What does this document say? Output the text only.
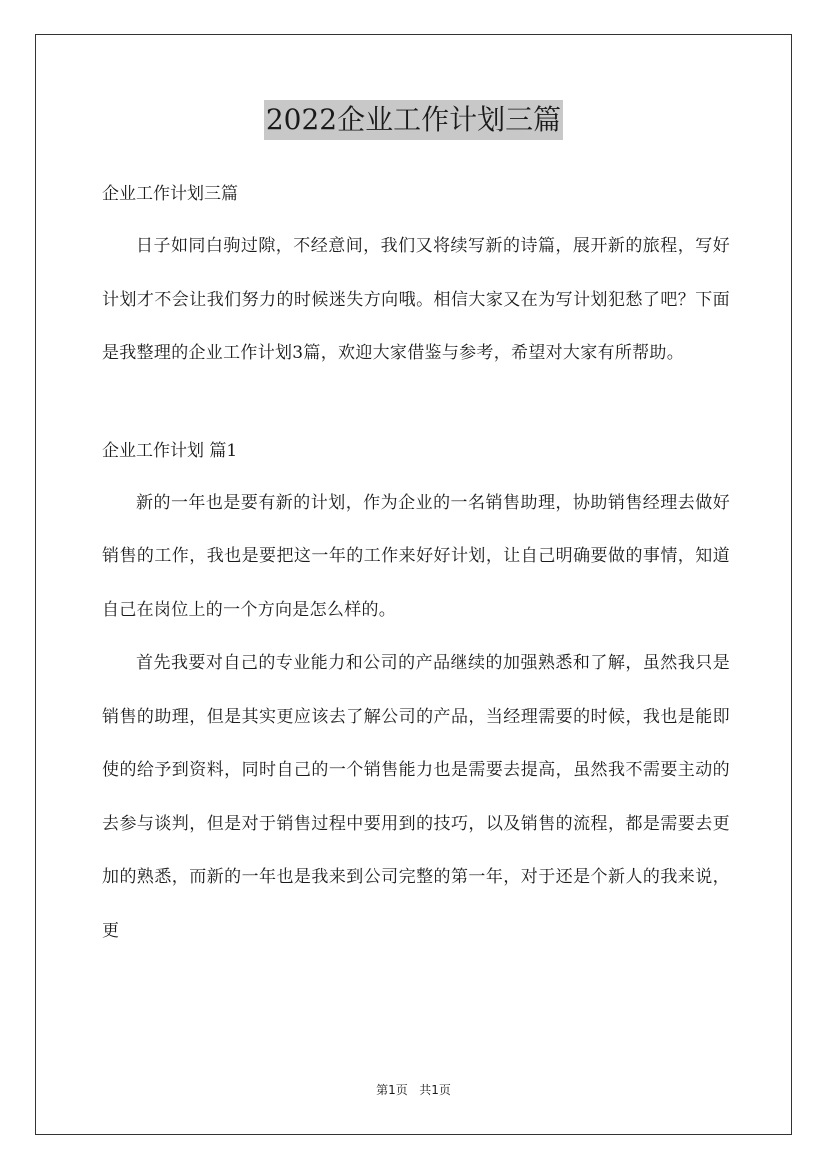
2022企业工作计划三篇

企业工作计划三篇

日子如同白驹过隙，不经意间，我们又将续写新的诗篇，展开新的旅程，写好计划才不会让我们努力的时候迷失方向哦。相信大家又在为写计划犯愁了吧？下面是我整理的企业工作计划3篇，欢迎大家借鉴与参考，希望对大家有所帮助。

企业工作计划 篇1

新的一年也是要有新的计划，作为企业的一名销售助理，协助销售经理去做好销售的工作，我也是要把这一年的工作来好好计划，让自己明确要做的事情，知道自己在岗位上的一个方向是怎么样的。

首先我要对自己的专业能力和公司的产品继续的加强熟悉和了解，虽然我只是销售的助理，但是其实更应该去了解公司的产品，当经理需要的时候，我也是能即使的给予到资料，同时自己的一个销售能力也是需要去提高，虽然我不需要主动的去参与谈判，但是对于销售过程中要用到的技巧，以及销售的流程，都是需要去更加的熟悉，而新的一年也是我来到公司完整的第一年，对于还是个新人的我来说，更

第1页 共1页
